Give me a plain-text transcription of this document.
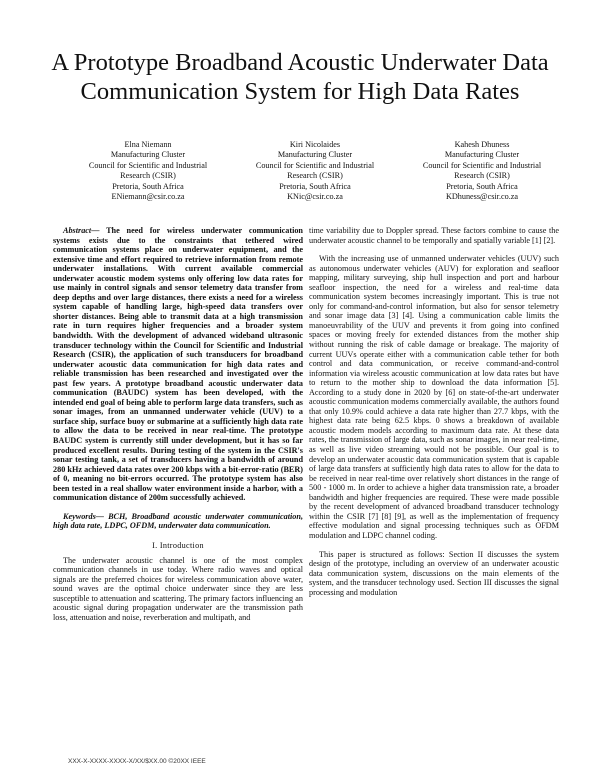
A Prototype Broadband Acoustic Underwater Data
Communication System for High Data Rates
Elna Niemann
Manufacturing Cluster
Council for Scientific and Industrial
Research (CSIR)
Pretoria, South Africa
ENiemann@csir.co.za
Kiri Nicolaides
Manufacturing Cluster
Council for Scientific and Industrial
Research (CSIR)
Pretoria, South Africa
KNic@csir.co.za
Kahesh Dhuness
Manufacturing Cluster
Council for Scientific and Industrial
Research (CSIR)
Pretoria, South Africa
KDhuness@csir.co.za

Abstract— The need for wireless underwater communication systems exists due to the constraints that tethered wired communication systems place on underwater equipment, and the extensive time and effort required to retrieve information from remote underwater installations. With current available commercial underwater acoustic modem systems only offering low data rates for use mainly in control signals and sensor telemetry data transfer from deep depths and over large distances, there exists a need for a wireless system capable of handling large, high-speed data transfers over shorter distances. Being able to transmit data at a high transmission rate in turn requires higher frequencies and a broader system bandwidth. With the development of advanced wideband ultrasonic transducer technology within the Council for Scientific and Industrial Research (CSIR), the application of such transducers for broadband underwater acoustic data communication for high data rates and reliable transmission has been researched and investigated over the past few years. A prototype broadband acoustic underwater data communication (BAUDC) system has been developed, with the intended end goal of being able to perform large data transfers, such as sonar images, from an unmanned underwater vehicle (UUV) to a surface ship, surface buoy or submarine at a sufficiently high data rate to allow the data to be received in near real-time. The prototype BAUDC system is currently still under development, but it has so far produced excellent results. During testing of the system in the CSIR's sonar testing tank, a set of transducers having a bandwidth of around 280 kHz achieved data rates over 200 kbps with a bit-error-ratio (BER) of 0, meaning no bit-errors occurred. The prototype system has also been tested in a real shallow water environment inside a harbor, with a communication distance of 200m successfully achieved.

Keywords— BCH, Broadband acoustic underwater communication, high data rate, LDPC, OFDM, underwater data communication.

I. Introduction

The underwater acoustic channel is one of the most complex communication channels in use today. Where radio waves and optical signals are the preferred choices for wireless communication above water, sound waves are the optimal choice underwater since they are less susceptible to attenuation and scattering. The primary factors influencing an acoustic signal during propagation underwater are the transmission path loss, attenuation and noise, reverberation and multipath, and

time variability due to Doppler spread. These factors combine to cause the underwater acoustic channel to be temporally and spatially variable [1] [2].

With the increasing use of unmanned underwater vehicles (UUV) such as autonomous underwater vehicles (AUV) for exploration and seafloor mapping, military surveying, ship hull inspection and port and harbour seafloor inspection, the need for a wireless and real-time data communication system becomes increasingly important. This is true not only for command-and-control information, but also for sensor telemetry and sonar image data [3] [4]. Using a communication cable limits the manoeuvrability of the UUV and prevents it from going into confined spaces or moving freely for extended distances from the mother ship without running the risk of cable damage or breakage. The majority of current UUVs operate either with a communication cable tether for both control and data communication, or receive command-and-control information via wireless acoustic communication at low data rates but have to return to the mother ship to download the data information [5]. According to a study done in 2020 by [6] on state-of-the-art underwater acoustic communication modems commercially available, the authors found that only 10.9% could achieve a data rate higher than 27.7 kbps, with the highest data rate being 62.5 kbps. 0 shows a breakdown of available acoustic modem models according to maximum data rate. At these data rates, the transmission of large data, such as sonar images, in near real-time, as well as live video streaming would not be possible. Our goal is to develop an underwater acoustic data communication system that is capable of large data transfers at sufficiently high data rates to allow for the data to be received in near real-time over relatively short distances in the range of 500 - 1000 m. In order to achieve a higher data transmission rate, a broader bandwidth and higher frequencies are required. These were made possible by the recent development of advanced broadband transducer technology within the CSIR [7] [8] [9], as well as the implementation of frequency effective modulation and signal processing techniques such as OFDM modulation and LDPC channel coding.

This paper is structured as follows: Section II discusses the system design of the prototype, including an overview of an underwater acoustic data communication system, discussions on the main elements of the system, and the transducer technology used. Section III discusses the signal processing and modulation

XXX-X-XXXX-XXXX-X/XX/$XX.00 ©20XX IEEE
